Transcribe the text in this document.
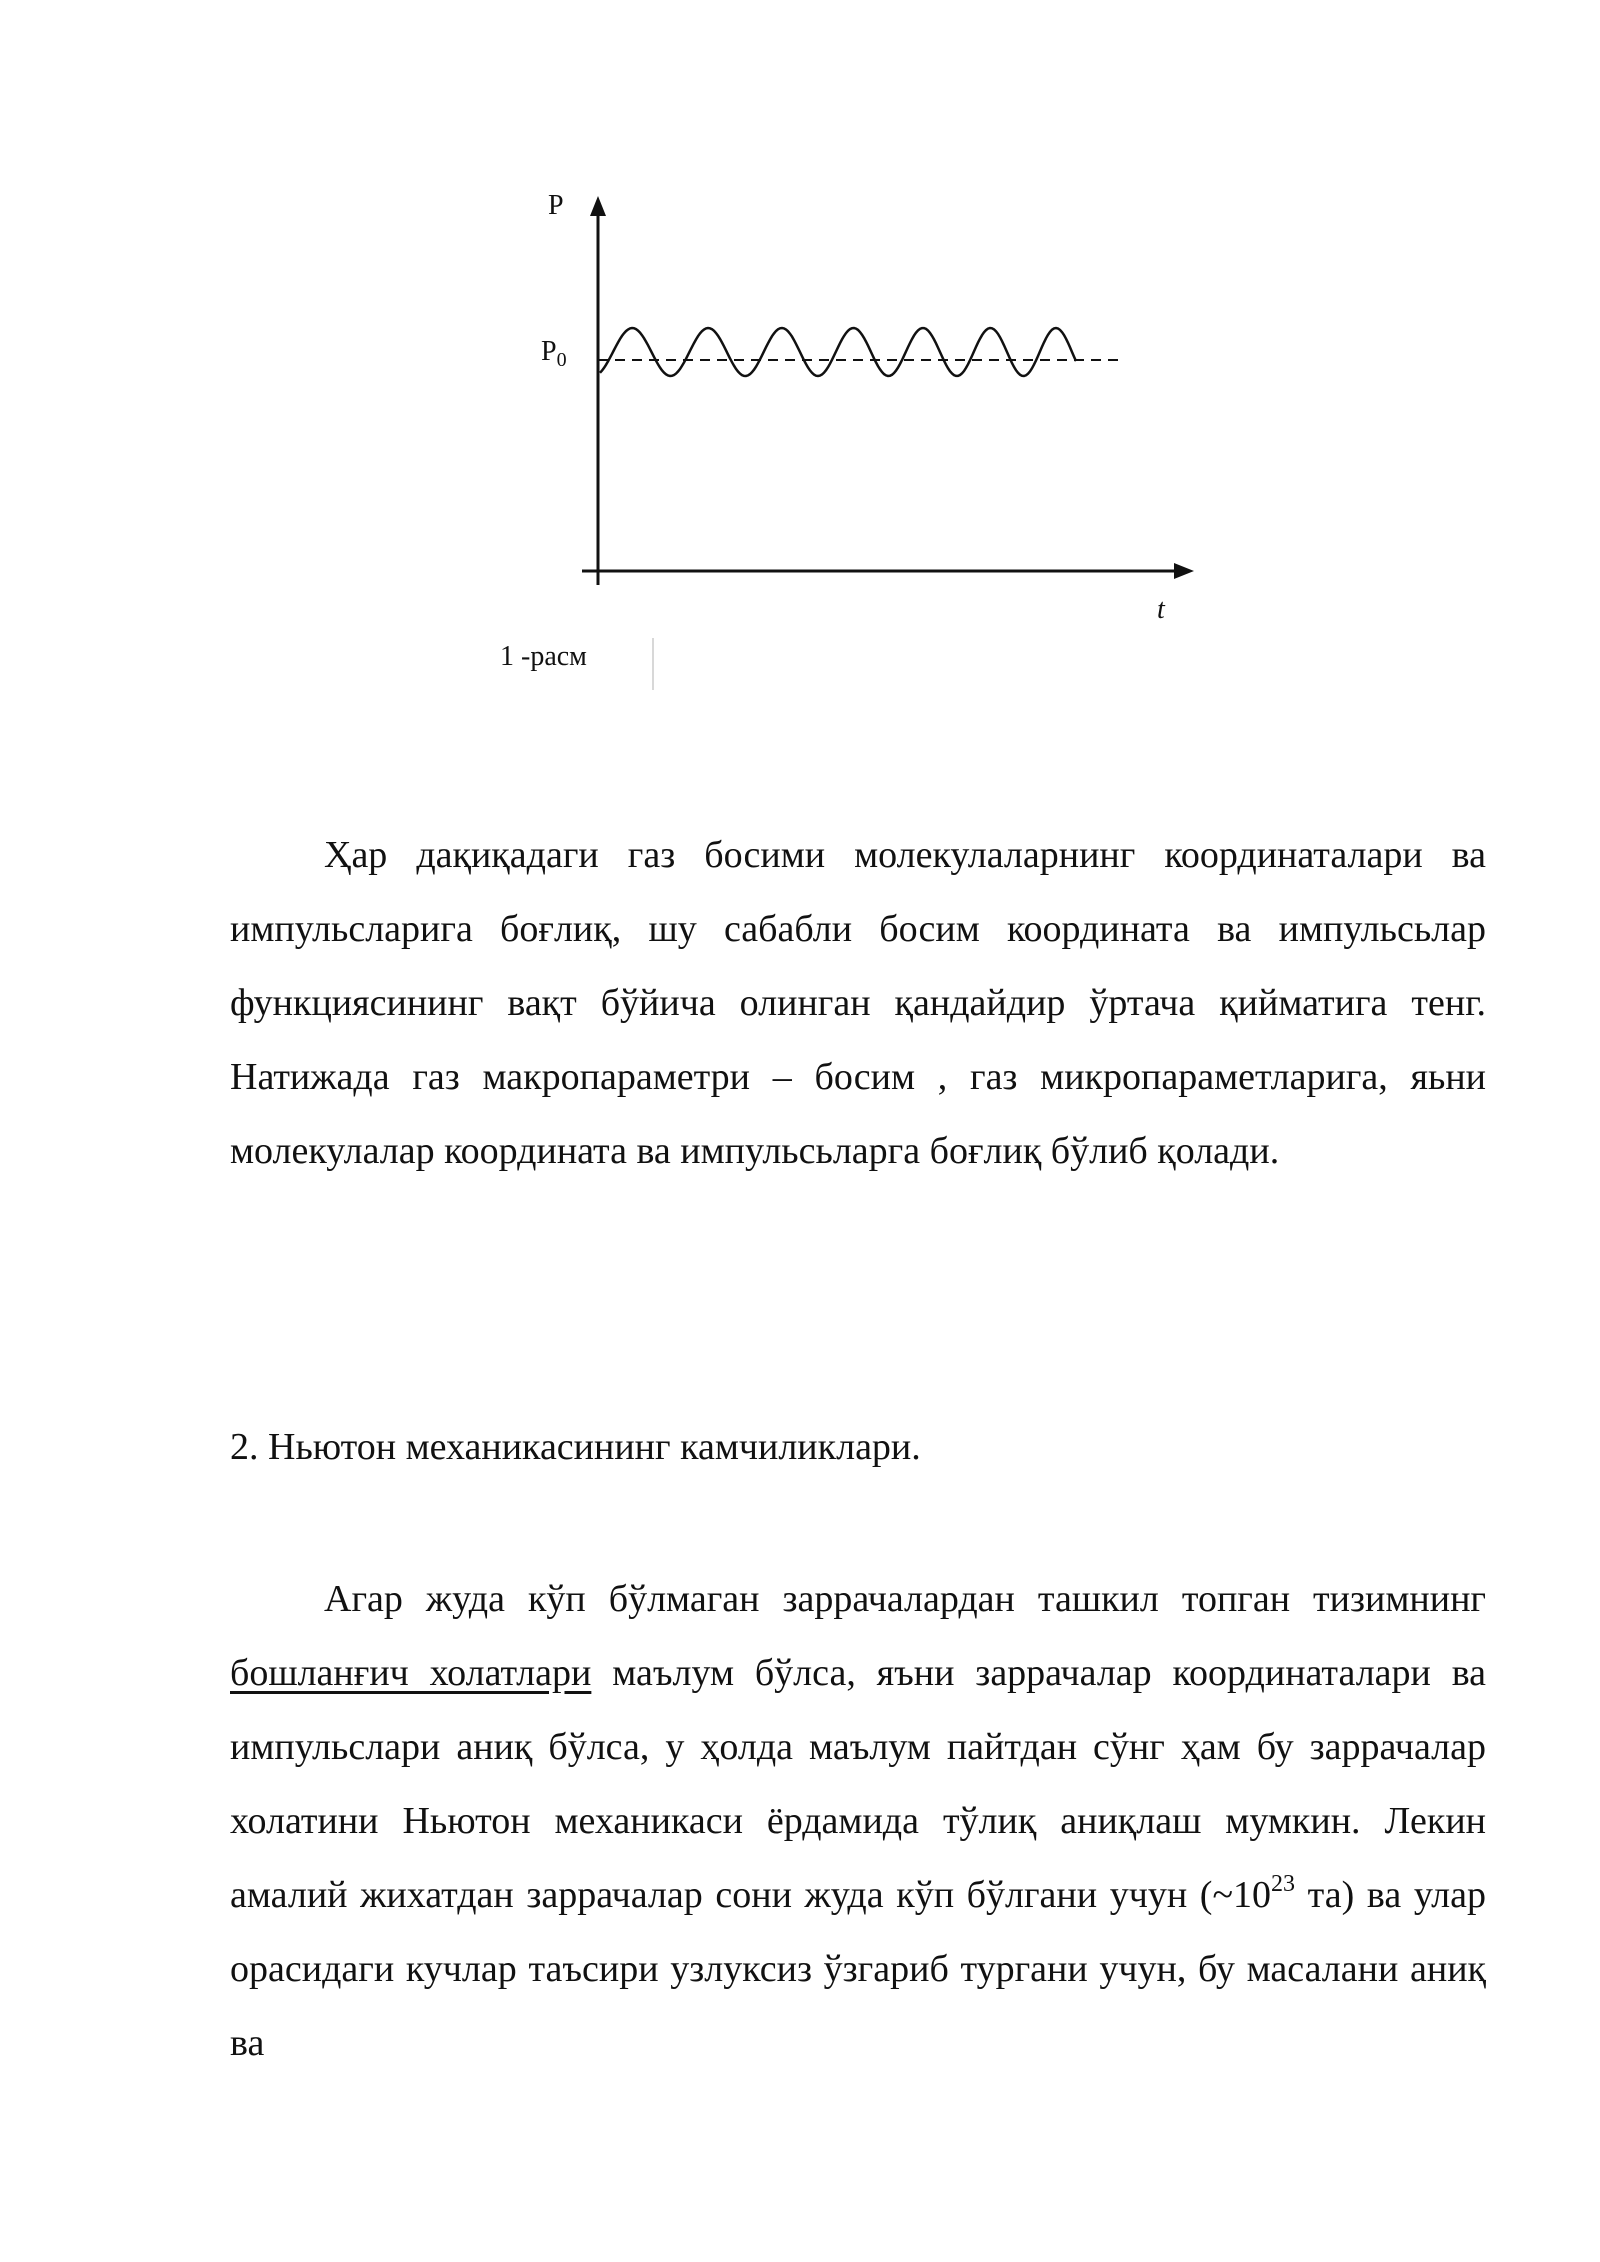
P
$P_0$
t
1 -расм

Ҳар дақиқадаги газ босими молекулаларнинг координаталари ва импульсларига боғлиқ, шу сабабли босим координата ва импульсьлар функциясининг вақт бўйича олинган қандайдир ўртача қийматига тенг. Натижада газ макропараметри – босим , газ микропараметларига, яьни молекулалар координата ва импульсьларга боғлиқ бўлиб қолади.

2. Ньютон механикасининг камчиликлари.

Агар жуда кўп бўлмаган заррачалардан ташкил топган тизимнинг бошланғич холатлари маълум бўлса, яъни заррачалар координаталари ва импульслари аниқ бўлса, у ҳолда маълум пайтдан сўнг ҳам бу заррачалар холатини Ньютон механикаси ёрдамида тўлиқ аниқлаш мумкин. Лекин амалий жихатдан заррачалар сони жуда кўп бўлгани учун ($\sim 10^{23}$ та) ва улар орасидаги кучлар таъсири узлуксиз ўзгариб тургани учун, бу масалани аниқ ва
